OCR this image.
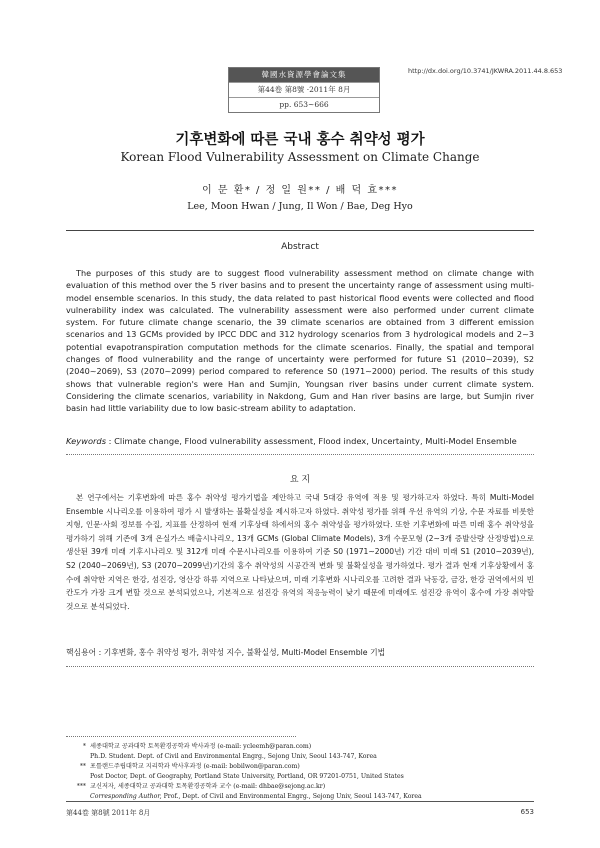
韓國水資源學會論文集
第44卷 第8號 ·2011年 8月
pp. 653~666
http://dx.doi.org/10.3741/JKWRA.2011.44.8.653
기후변화에 따른 국내 홍수 취약성 평가
Korean Flood Vulnerability Assessment on Climate Change
이 문 환* / 정 일 원** / 배 덕 효***
Lee, Moon Hwan / Jung, Il Won / Bae, Deg Hyo
Abstract

The purposes of this study are to suggest flood vulnerability assessment method on climate change with evaluation of this method over the 5 river basins and to present the uncertainty range of assessment using multi-model ensemble scenarios. In this study, the data related to past historical flood events were collected and flood vulnerability index was calculated. The vulnerability assessment were also performed under current climate system. For future climate change scenario, the 39 climate scenarios are obtained from 3 different emission scenarios and 13 GCMs provided by IPCC DDC and 312 hydrology scenarios from 3 hydrological models and 2~3 potential evapotranspiration computation methods for the climate scenarios. Finally, the spatial and temporal changes of flood vulnerability and the range of uncertainty were performed for future S1 (2010~2039), S2 (2040~2069), S3 (2070~2099) period compared to reference S0 (1971~2000) period. The results of this study shows that vulnerable region's were Han and Sumjin, Youngsan river basins under current climate system. Considering the climate scenarios, variability in Nakdong, Gum and Han river basins are large, but Sumjin river basin had little variability due to low basic-stream ability to adaptation.

Keywords : Climate change, Flood vulnerability assessment, Flood index, Uncertainty, Multi-Model Ensemble
요 지

본 연구에서는 기후변화에 따른 홍수 취약성 평가기법을 제안하고 국내 5대강 유역에 적용 및 평가하고자 하였다. 특히 Multi-Model Ensemble 시나리오를 이용하여 평가 시 발생하는 불확실성을 제시하고자 하였다. 취약성 평가를 위해 우선 유역의 기상, 수문 자료를 비롯한 지형, 인문·사회 정보를 수집, 지표를 산정하여 현재 기후상태 하에서의 홍수 취약성을 평가하였다. 또한 기후변화에 따른 미래 홍수 취약성을 평가하기 위해 기존에 3개 온실가스 배출시나리오, 13개 GCMs (Global Climate Models), 3개 수문모형 (2~3개 증발산량 산정방법)으로 생산된 39개 미래 기후시나리오 및 312개 미래 수문시나리오를 이용하여 기준 S0 (1971~2000년) 기간 대비 미래 S1 (2010~2039년), S2 (2040~2069년), S3 (2070~2099년)기간의 홍수 취약성의 시공간적 변화 및 불확실성을 평가하였다. 평가 결과 현재 기후상황에서 홍수에 취약한 지역은 한강, 섬진강, 영산강 하류 지역으로 나타났으며, 미래 기후변화 시나리오를 고려한 결과 낙동강, 금강, 한강 권역에서의 빈칸도가 가장 크게 변할 것으로 분석되었으나, 기본적으로 섬진강 유역의 적응능력이 낮기 때문에 미래에도 섬진강 유역이 홍수에 가장 취약할 것으로 분석되었다.

핵심용어 : 기후변화, 홍수 취약성 평가, 취약성 지수, 불확실성, Multi-Model Ensemble 기법
* 세종대학교 공과대학 토목환경공학과 박사과정 (e-mail: ycleemh@paran.com)
Ph.D. Student. Dept. of Civil and Environmental Engrg., Sejong Univ, Seoul 143-747, Korea
** 포틀랜드주립대학교 지리학과 박사후과정 (e-mail: bobilwon@paran.com)
Post Doctor, Dept. of Geography, Portland State University, Portland, OR 97201-0751, United States
*** 교신저자, 세종대학교 공과대학 토목환경공학과 교수 (e-mail: dhbae@sejong.ac.kr)
Corresponding Author, Prof., Dept. of Civil and Environmental Engrg., Sejong Univ, Seoul 143-747, Korea
第44卷 第8號 2011年 8月	653
